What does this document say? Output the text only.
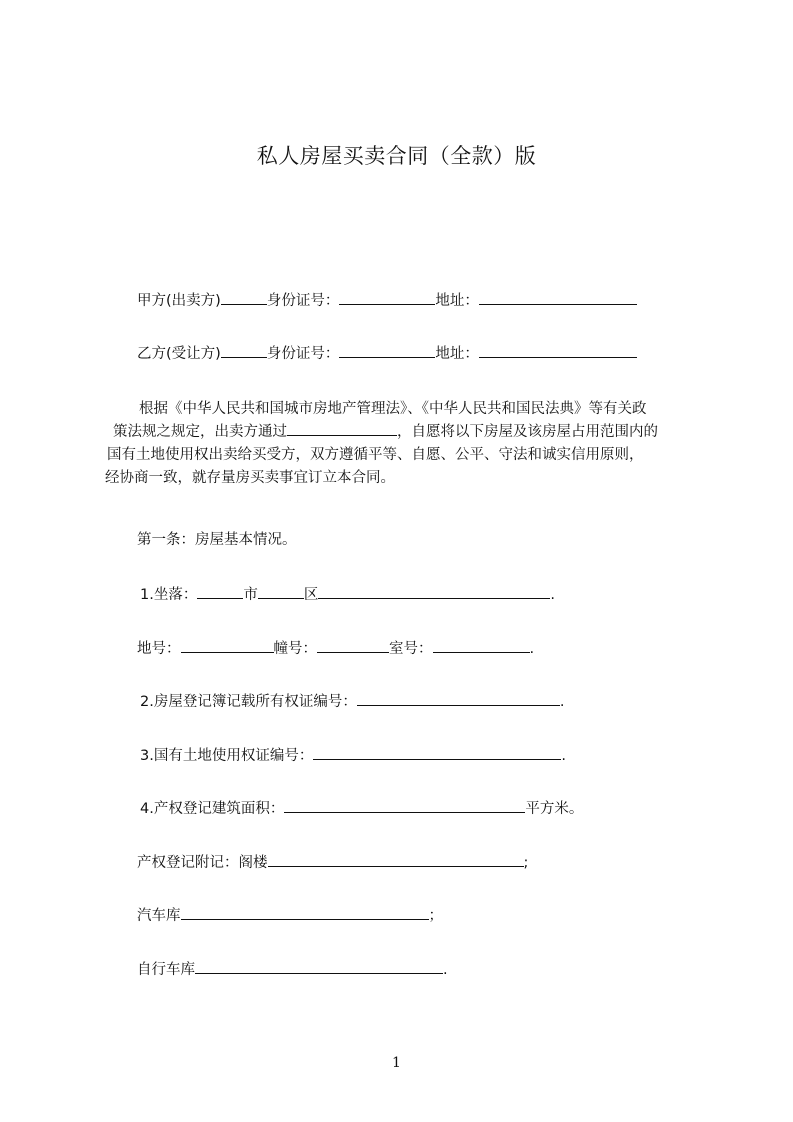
私人房屋买卖合同（全款）版
甲方(出卖方)	身份证号：	地址：
乙方(受让方)	身份证号：	地址：
根据《中华人民共和国城市房地产管理法》、《中华人民共和国民法典》等有关政
策法规之规定，出卖方通过	，自愿将以下房屋及该房屋占用范围内的
国有土地使用权出卖给买受方，双方遵循平等、自愿、公平、守法和诚实信用原则，
经协商一致，就存量房买卖事宜订立本合同。
第一条：房屋基本情况。
1.坐落：	市	区	.
地号：	幢号：	室号：	.
2.房屋登记簿记载所有权证编号：	.
3.国有土地使用权证编号：	.
4.产权登记建筑面积：	平方米。
产权登记附记：阁楼	;
汽车库	；
自行车库	.
1
